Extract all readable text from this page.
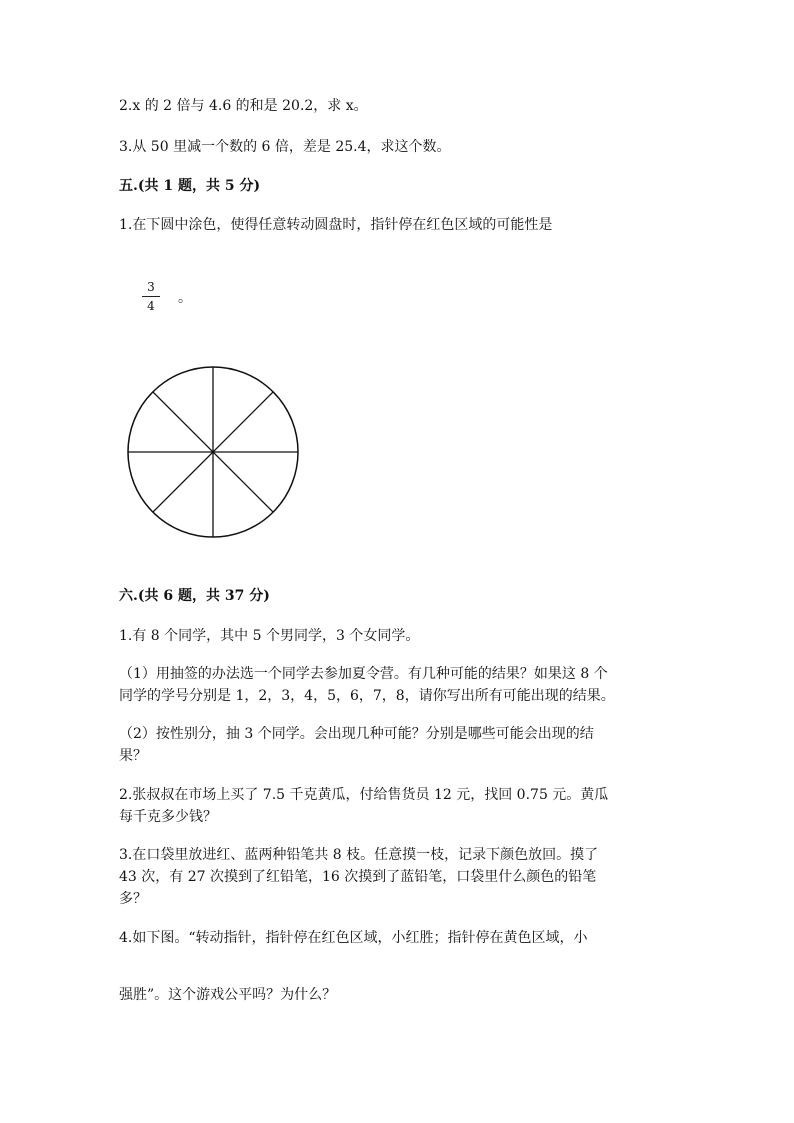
2.x 的 2 倍与 4.6 的和是 20.2，求 x。
3.从 50 里减一个数的 6 倍，差是 25.4，求这个数。
五.(共 1 题，共 5 分)
1.在下圆中涂色，使得任意转动圆盘时，指针停在红色区域的可能性是
3
4	。
六.(共 6 题，共 37 分)
1.有 8 个同学，其中 5 个男同学，3 个女同学。
（1）用抽签的办法选一个同学去参加夏令营。有几种可能的结果？如果这 8 个
同学的学号分别是 1，2，3，4，5，6，7，8，请你写出所有可能出现的结果。
（2）按性别分，抽 3 个同学。会出现几种可能？分别是哪些可能会出现的结
果？
2.张叔叔在市场上买了 7.5 千克黄瓜，付给售货员 12 元，找回 0.75 元。黄瓜
每千克多少钱？
3.在口袋里放进红、蓝两种铅笔共 8 枝。任意摸一枝，记录下颜色放回。摸了
43 次，有 27 次摸到了红铅笔，16 次摸到了蓝铅笔，口袋里什么颜色的铅笔
多？
4.如下图。“转动指针，指针停在红色区域，小红胜；指针停在黄色区域，小
强胜”。这个游戏公平吗？为什么？
